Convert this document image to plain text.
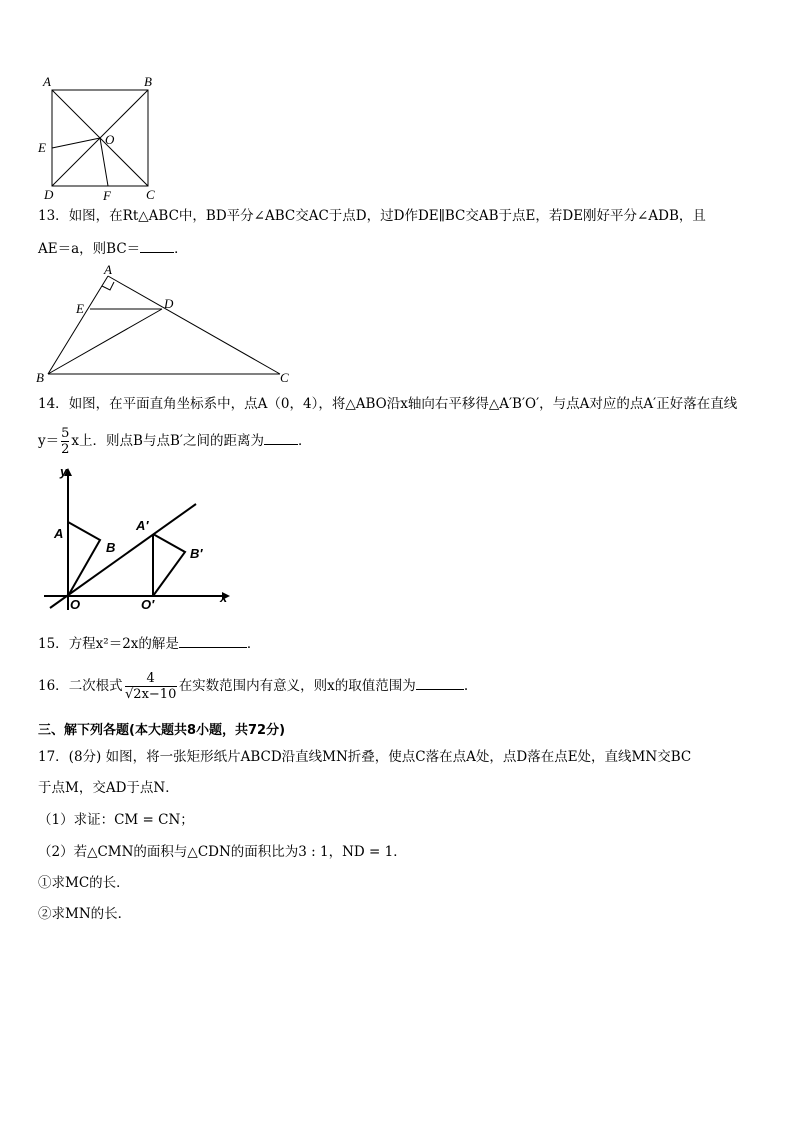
A	B
E
O
D	F	C
13．如图，在Rt△ABC中，BD平分∠ABC交AC于点D，过D作DE∥BC交AB于点E，若DE刚好平分∠ADB，且
AE＝a，则BC＝	．
A
E	D
B	C
14．如图，在平面直角坐标系中，点A（0，4），将△ABO沿x轴向右平移得△A′B′O′，与点A对应的点A′正好落在直线
$y= \frac{5}{2}$ x上．则点B与点B′之间的距离为	．
y
x
A
B
A′
B′
O	O′
15．方程x²＝2x的解是	．
16．二次根式 $\frac{4}{√2x-10}$ 在实数范围内有意义，则x的取值范围为	.
三、解下列各题(本大题共8小题，共72分)
17．(8分) 如图，将一张矩形纸片ABCD沿直线MN折叠，使点C落在点A处，点D落在点E处，直线MN交BC
于点M，交AD于点N．
（1）求证：CM = CN；
（2）若△CMN的面积与△CDN的面积比为3 : 1，ND = 1．
①求MC的长．
②求MN的长．
